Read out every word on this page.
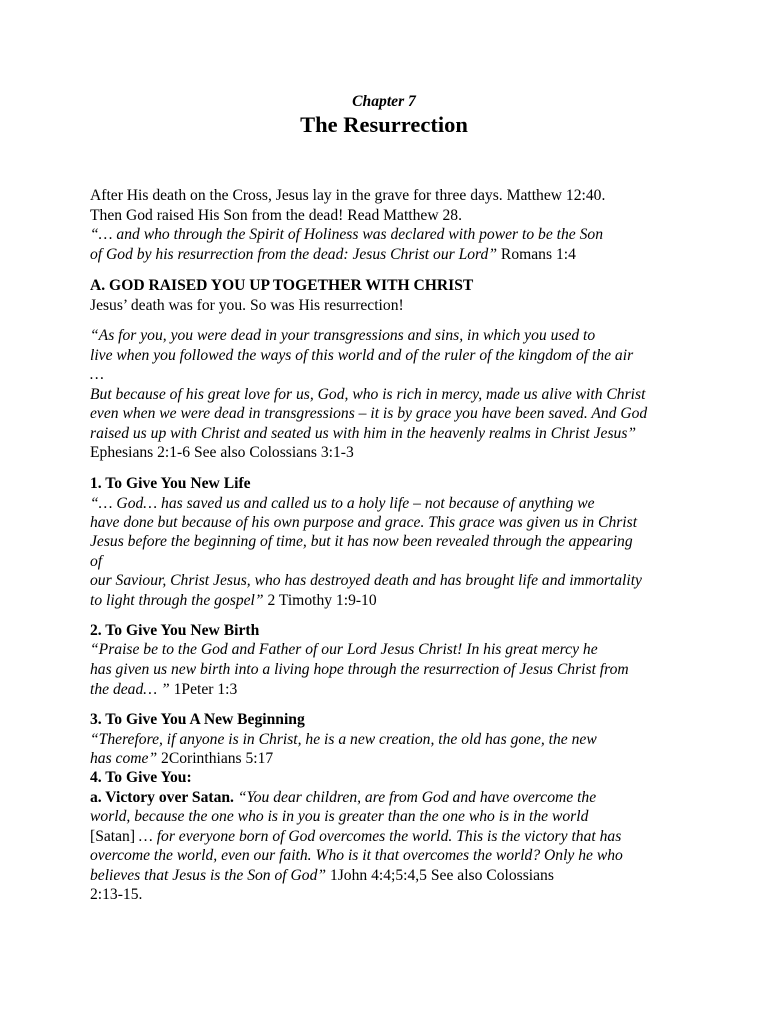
Chapter 7
The Resurrection
After His death on the Cross, Jesus lay in the grave for three days. Matthew 12:40.
Then God raised His Son from the dead! Read Matthew 28.
“… and who through the Spirit of Holiness was declared with power to be the Son
of God by his resurrection from the dead: Jesus Christ our Lord” Romans 1:4
A. GOD RAISED YOU UP TOGETHER WITH CHRIST
Jesus’ death was for you. So was His resurrection!
“As for you, you were dead in your transgressions and sins, in which you used to
live when you followed the ways of this world and of the ruler of the kingdom of the air
…
But because of his great love for us, God, who is rich in mercy, made us alive with Christ
even when we were dead in transgressions – it is by grace you have been saved. And God
raised us up with Christ and seated us with him in the heavenly realms in Christ Jesus”
Ephesians 2:1-6 See also Colossians 3:1-3
1. To Give You New Life
“… God… has saved us and called us to a holy life – not because of anything we
have done but because of his own purpose and grace. This grace was given us in Christ
Jesus before the beginning of time, but it has now been revealed through the appearing
of
our Saviour, Christ Jesus, who has destroyed death and has brought life and immortality
to light through the gospel” 2 Timothy 1:9-10
2. To Give You New Birth
“Praise be to the God and Father of our Lord Jesus Christ! In his great mercy he
has given us new birth into a living hope through the resurrection of Jesus Christ from
the dead… ” 1Peter 1:3
3. To Give You A New Beginning
“Therefore, if anyone is in Christ, he is a new creation, the old has gone, the new
has come” 2Corinthians 5:17
4. To Give You:
a. Victory over Satan. “You dear children, are from God and have overcome the
world, because the one who is in you is greater than the one who is in the world
[Satan] … for everyone born of God overcomes the world. This is the victory that has
overcome the world, even our faith. Who is it that overcomes the world? Only he who
believes that Jesus is the Son of God” 1John 4:4;5:4,5 See also Colossians
2:13-15.
